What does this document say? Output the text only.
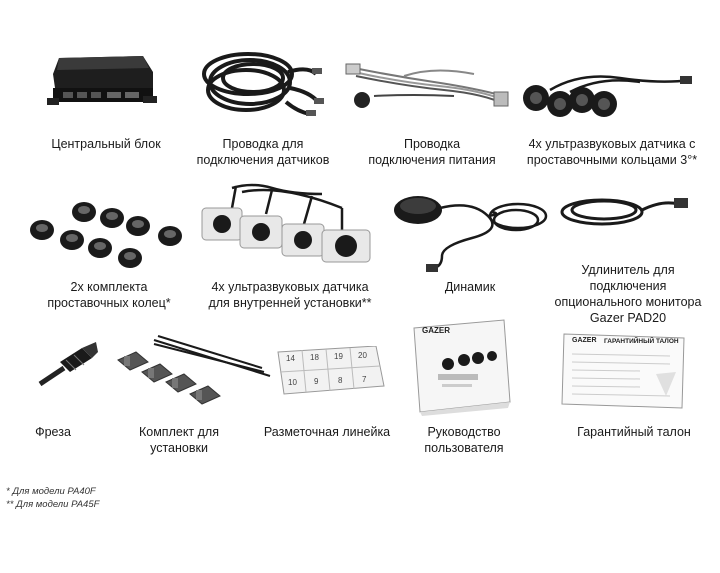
Центральный блок	Проводка для
подключения датчиков
Проводка
подключения питания
4х ультразвуковых датчика с
проставочными кольцами 3°*
2х комплекта
проставочных колец*
4х ультразвуковых датчика
для внутренней установки**
Динамик
Удлинитель для
подключения
опционального монитора
Gazer PAD20
Фреза	Комплект для
установки
14 18 19 20
10 9 8 7
Разметочная линейка
GAZER
Руководство
пользователя
GAZER ГАРАНТИЙНЫЙ ТАЛОН
Гарантийный талон
* Для модели PA40F
** Для модели PA45F
